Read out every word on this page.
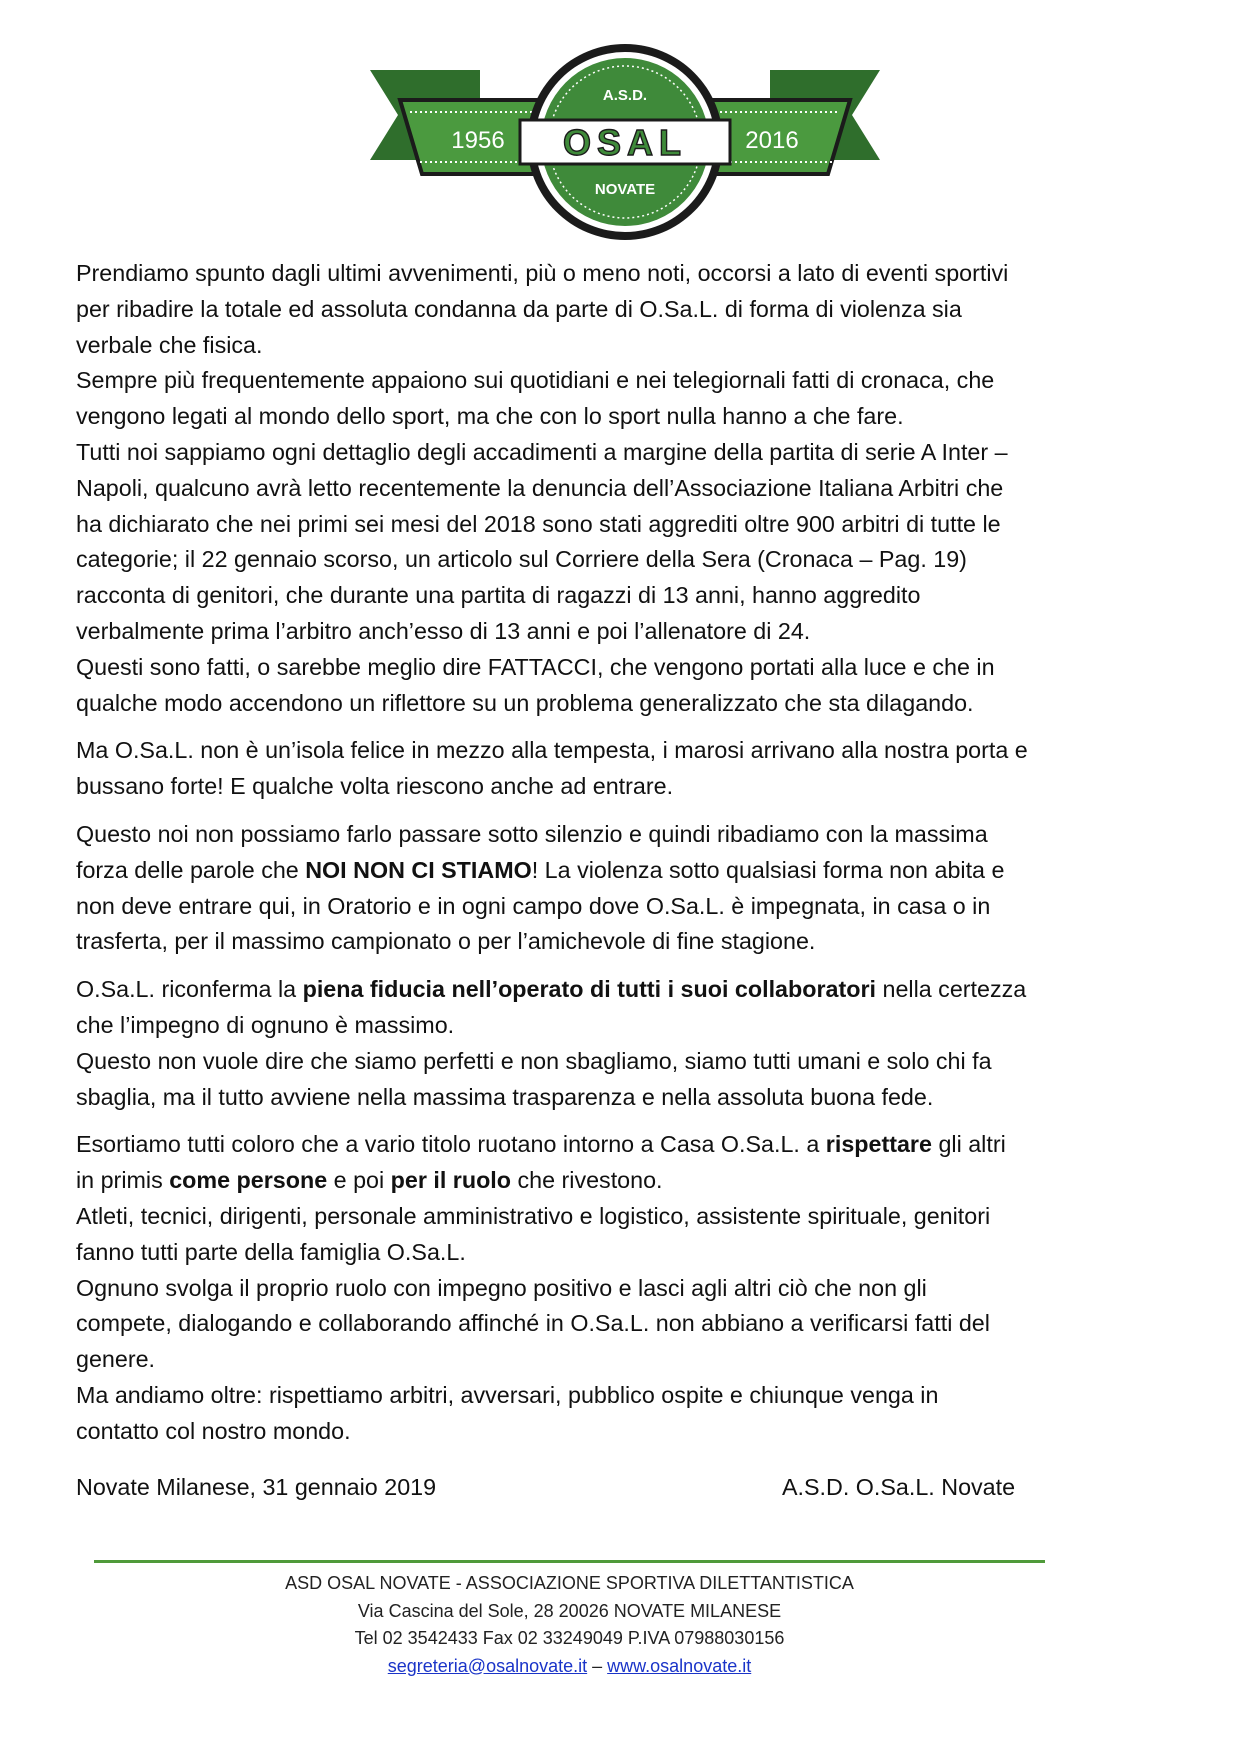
A.S.D.
OSAL
NOVATE
1956	2016

Prendiamo spunto dagli ultimi avvenimenti, più o meno noti, occorsi a lato di eventi sportivi
per ribadire la totale ed assoluta condanna da parte di O.Sa.L. di forma di violenza sia
verbale che fisica.
Sempre più frequentemente appaiono sui quotidiani e nei telegiornali fatti di cronaca, che
vengono legati al mondo dello sport, ma che con lo sport nulla hanno a che fare.
Tutti noi sappiamo ogni dettaglio degli accadimenti a margine della partita di serie A Inter –
Napoli, qualcuno avrà letto recentemente la denuncia dell’Associazione Italiana Arbitri che
ha dichiarato che nei primi sei mesi del 2018 sono stati aggrediti oltre 900 arbitri di tutte le
categorie; il 22 gennaio scorso, un articolo sul Corriere della Sera (Cronaca – Pag. 19)
racconta di genitori, che durante una partita di ragazzi di 13 anni, hanno aggredito
verbalmente prima l’arbitro anch’esso di 13 anni e poi l’allenatore di 24.
Questi sono fatti, o sarebbe meglio dire FATTACCI, che vengono portati alla luce e che in
qualche modo accendono un riflettore su un problema generalizzato che sta dilagando.

Ma O.Sa.L. non è un’isola felice in mezzo alla tempesta, i marosi arrivano alla nostra porta e
bussano forte! E qualche volta riescono anche ad entrare.

Questo noi non possiamo farlo passare sotto silenzio e quindi ribadiamo con la massima
forza delle parole che NOI NON CI STIAMO! La violenza sotto qualsiasi forma non abita e
non deve entrare qui, in Oratorio e in ogni campo dove O.Sa.L. è impegnata, in casa o in
trasferta, per il massimo campionato o per l’amichevole di fine stagione.

O.Sa.L. riconferma la piena fiducia nell’operato di tutti i suoi collaboratori nella certezza
che l’impegno di ognuno è massimo.
Questo non vuole dire che siamo perfetti e non sbagliamo, siamo tutti umani e solo chi fa
sbaglia, ma il tutto avviene nella massima trasparenza e nella assoluta buona fede.

Esortiamo tutti coloro che a vario titolo ruotano intorno a Casa O.Sa.L. a rispettare gli altri
in primis come persone e poi per il ruolo che rivestono.
Atleti, tecnici, dirigenti, personale amministrativo e logistico, assistente spirituale, genitori
fanno tutti parte della famiglia O.Sa.L.
Ognuno svolga il proprio ruolo con impegno positivo e lasci agli altri ciò che non gli
compete, dialogando e collaborando affinché in O.Sa.L. non abbiano a verificarsi fatti del
genere.
Ma andiamo oltre: rispettiamo arbitri, avversari, pubblico ospite e chiunque venga in
contatto col nostro mondo.

Novate Milanese, 31 gennaio 2019	A.S.D. O.Sa.L. Novate
ASD OSAL NOVATE - ASSOCIAZIONE SPORTIVA DILETTANTISTICA
Via Cascina del Sole, 28 20026 NOVATE MILANESE
Tel 02 3542433 Fax 02 33249049 P.IVA 07988030156
segreteria@osalnovate.it – www.osalnovate.it
